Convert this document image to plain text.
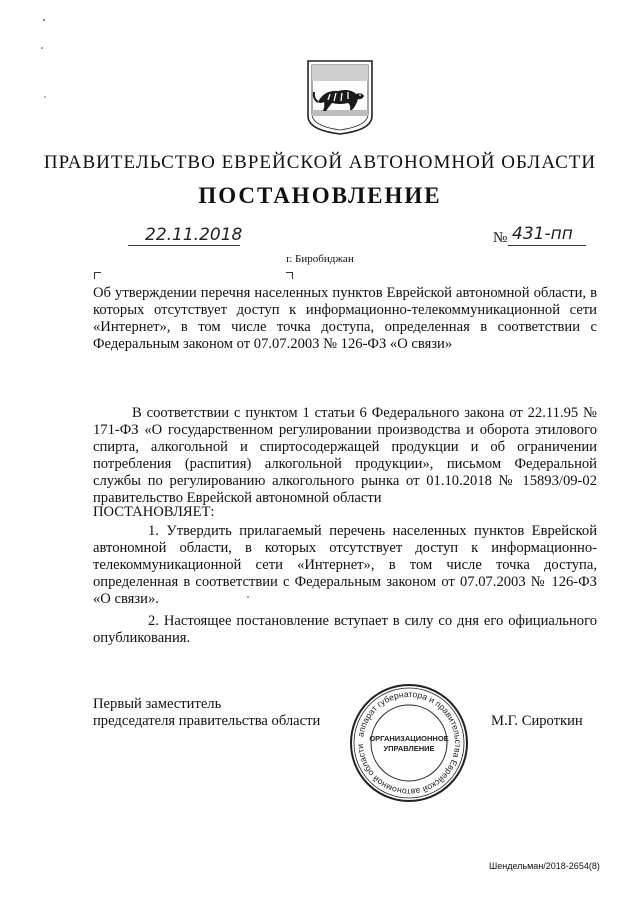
ПРАВИТЕЛЬСТВО ЕВРЕЙСКОЙ АВТОНОМНОЙ ОБЛАСТИ
ПОСТАНОВЛЕНИЕ
22.11.2018	№ 431-пп
г. Биробиджан
Об утверждении перечня населенных пунктов Еврейской автономной области, в которых отсутствует доступ к информационно-телекоммуникационной сети «Интернет», в том числе точка доступа, определенная в соответствии с Федеральным законом от 07.07.2003 № 126-ФЗ «О связи»
В соответствии с пунктом 1 статьи 6 Федерального закона от 22.11.95 № 171-ФЗ «О государственном регулировании производства и оборота этилового спирта, алкогольной и спиртосодержащей продукции и об ограничении потребления (распития) алкогольной продукции», письмом Федеральной службы по регулированию алкогольного рынка от 01.10.2018 № 15893/09-02 правительство Еврейской автономной области
ПОСТАНОВЛЯЕТ:
1. Утвердить прилагаемый перечень населенных пунктов Еврейской автономной области, в которых отсутствует доступ к информационно-телекоммуникационной сети «Интернет», в том числе точка доступа, определенная в соответствии с Федеральным законом от 07.07.2003 № 126-ФЗ «О связи».
2. Настоящее постановление вступает в силу со дня его официального опубликования.
Первый заместитель
председателя правительства области	М.Г. Сироткин
аппарат губернатора и правительства Еврейской автономной области
ОРГАНИЗАЦИОННОЕ
УПРАВЛЕНИЕ
Шендельман/2018-2654(8)
